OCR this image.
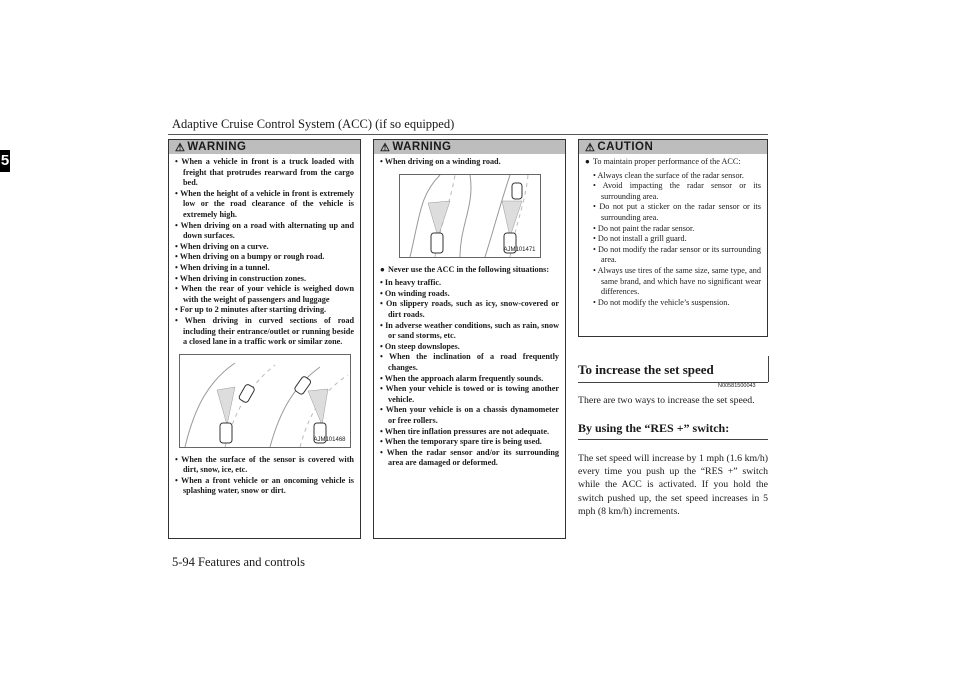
Adaptive Cruise Control System (ACC) (if so equipped)
5
⚠ WARNING
• When a vehicle in front is a truck loaded with freight that protrudes rearward from the cargo bed.
• When the height of a vehicle in front is extremely low or the road clearance of the vehicle is extremely high.
• When driving on a road with alternating up and down surfaces.
• When driving on a curve.
• When driving on a bumpy or rough road.
• When driving in a tunnel.
• When driving in construction zones.
• When the rear of your vehicle is weighed down with the weight of passengers and luggage
• For up to 2 minutes after starting driving.
• When driving in curved sections of road including their entrance/outlet or running beside a closed lane in a traffic work or similar zone.
AJM101468
• When the surface of the sensor is covered with dirt, snow, ice, etc.
• When a front vehicle or an oncoming vehicle is splashing water, snow or dirt.
⚠ WARNING
• When driving on a winding road.
AJM101471
● Never use the ACC in the following situations:
• In heavy traffic.
• On winding roads.
• On slippery roads, such as icy, snow-covered or dirt roads.
• In adverse weather conditions, such as rain, snow or sand storms, etc.
• On steep downslopes.
• When the inclination of a road frequently changes.
• When the approach alarm frequently sounds.
• When your vehicle is towed or is towing another vehicle.
• When your vehicle is on a chassis dynamometer or free rollers.
• When tire inflation pressures are not adequate.
• When the temporary spare tire is being used.
• When the radar sensor and/or its surrounding area are damaged or deformed.
⚠ CAUTION
● To maintain proper performance of the ACC:
• Always clean the surface of the radar sensor.
• Avoid impacting the radar sensor or its surrounding area.
• Do not put a sticker on the radar sensor or its surrounding area.
• Do not paint the radar sensor.
• Do not install a grill guard.
• Do not modify the radar sensor or its surrounding area.
• Always use tires of the same size, same type, and same brand, and which have no significant wear differences.
• Do not modify the vehicle’s suspension.
To increase the set speed
N00581500043
There are two ways to increase the set speed.
By using the “RES +” switch:
The set speed will increase by 1 mph (1.6 km/h) every time you push up the “RES +” switch while the ACC is activated. If you hold the switch pushed up, the set speed increases in 5 mph (8 km/h) increments.
5-94 Features and controls
